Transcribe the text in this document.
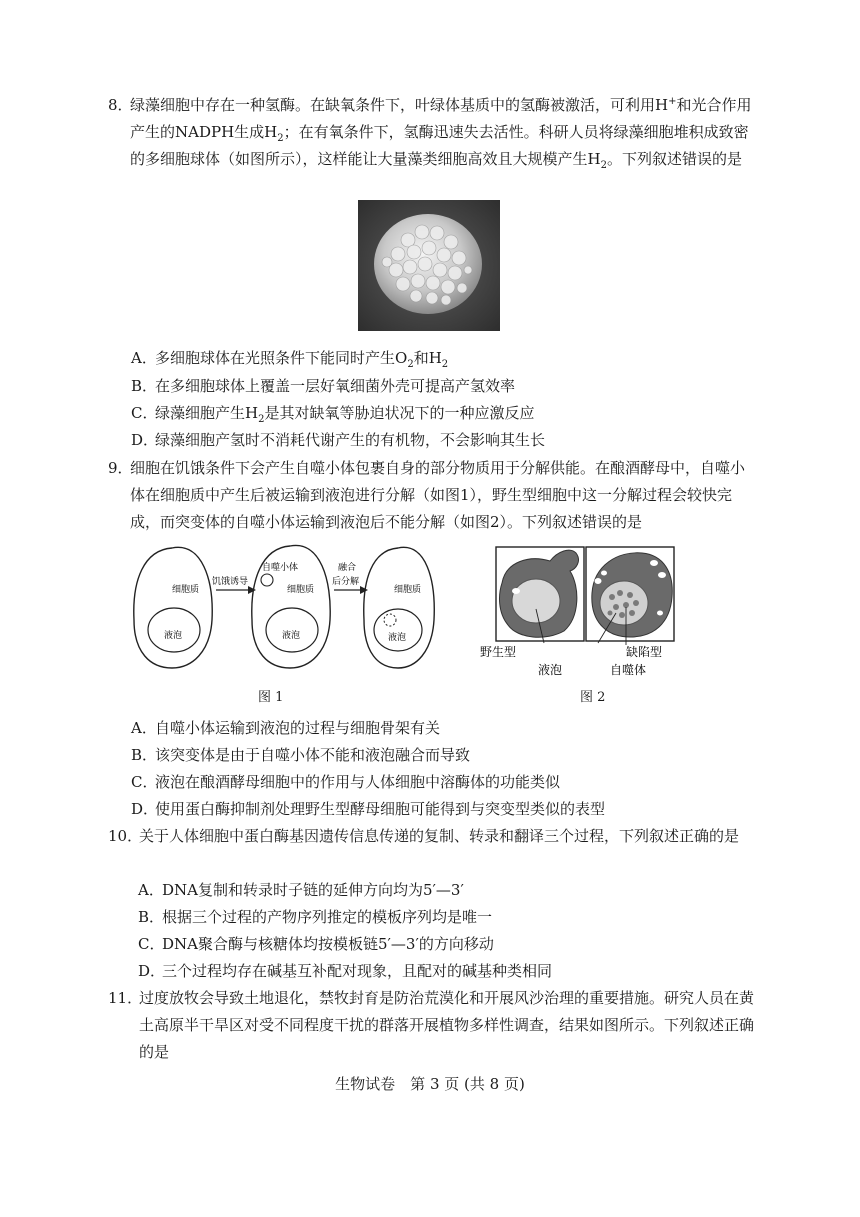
8．
绿藻细胞中存在一种氢酶。在缺氧条件下，叶绿体基质中的氢酶被激活，可利用H+和光合作用产生的NADPH生成$H_2$；在有氧条件下，氢酶迅速失去活性。科研人员将绿藻细胞堆积成致密的多细胞球体（如图所示），这样能让大量藻类细胞高效且大规模产生$H_2$。下列叙述错误的是
A．多细胞球体在光照条件下能同时产生$O_2$和$H_2$
B．在多细胞球体上覆盖一层好氧细菌外壳可提高产氢效率
C．绿藻细胞产生$H_2$是其对缺氧等胁迫状况下的一种应激反应
D．绿藻细胞产氢时不消耗代谢产生的有机物，不会影响其生长
9．
细胞在饥饿条件下会产生自噬小体包裹自身的部分物质用于分解供能。在酿酒酵母中，自噬小体在细胞质中产生后被运输到液泡进行分解（如图1），野生型细胞中这一分解过程会较快完成，而突变体的自噬小体运输到液泡后不能分解（如图2）。下列叙述错误的是
细胞质
液泡
饥饿诱导
自噬小体
细胞质
液泡
融合
后分解
细胞质
液泡
图 1
野生型	缺陷型
液泡	自噬体
图 2
A．自噬小体运输到液泡的过程与细胞骨架有关
B．该突变体是由于自噬小体不能和液泡融合而导致
C．液泡在酿酒酵母细胞中的作用与人体细胞中溶酶体的功能类似
D．使用蛋白酶抑制剂处理野生型酵母细胞可能得到与突变型类似的表型
10．
关于人体细胞中蛋白酶基因遗传信息传递的复制、转录和翻译三个过程，下列叙述正确的是
A．DNA复制和转录时子链的延伸方向均为5′—3′
B．根据三个过程的产物序列推定的模板序列均是唯一
C．DNA聚合酶与核糖体均按模板链5′—3′的方向移动
D．三个过程均存在碱基互补配对现象，且配对的碱基种类相同
11．
过度放牧会导致土地退化，禁牧封育是防治荒漠化和开展风沙治理的重要措施。研究人员在黄土高原半干旱区对受不同程度干扰的群落开展植物多样性调查，结果如图所示。下列叙述正确的是
生物试卷　第 3 页 (共 8 页)
